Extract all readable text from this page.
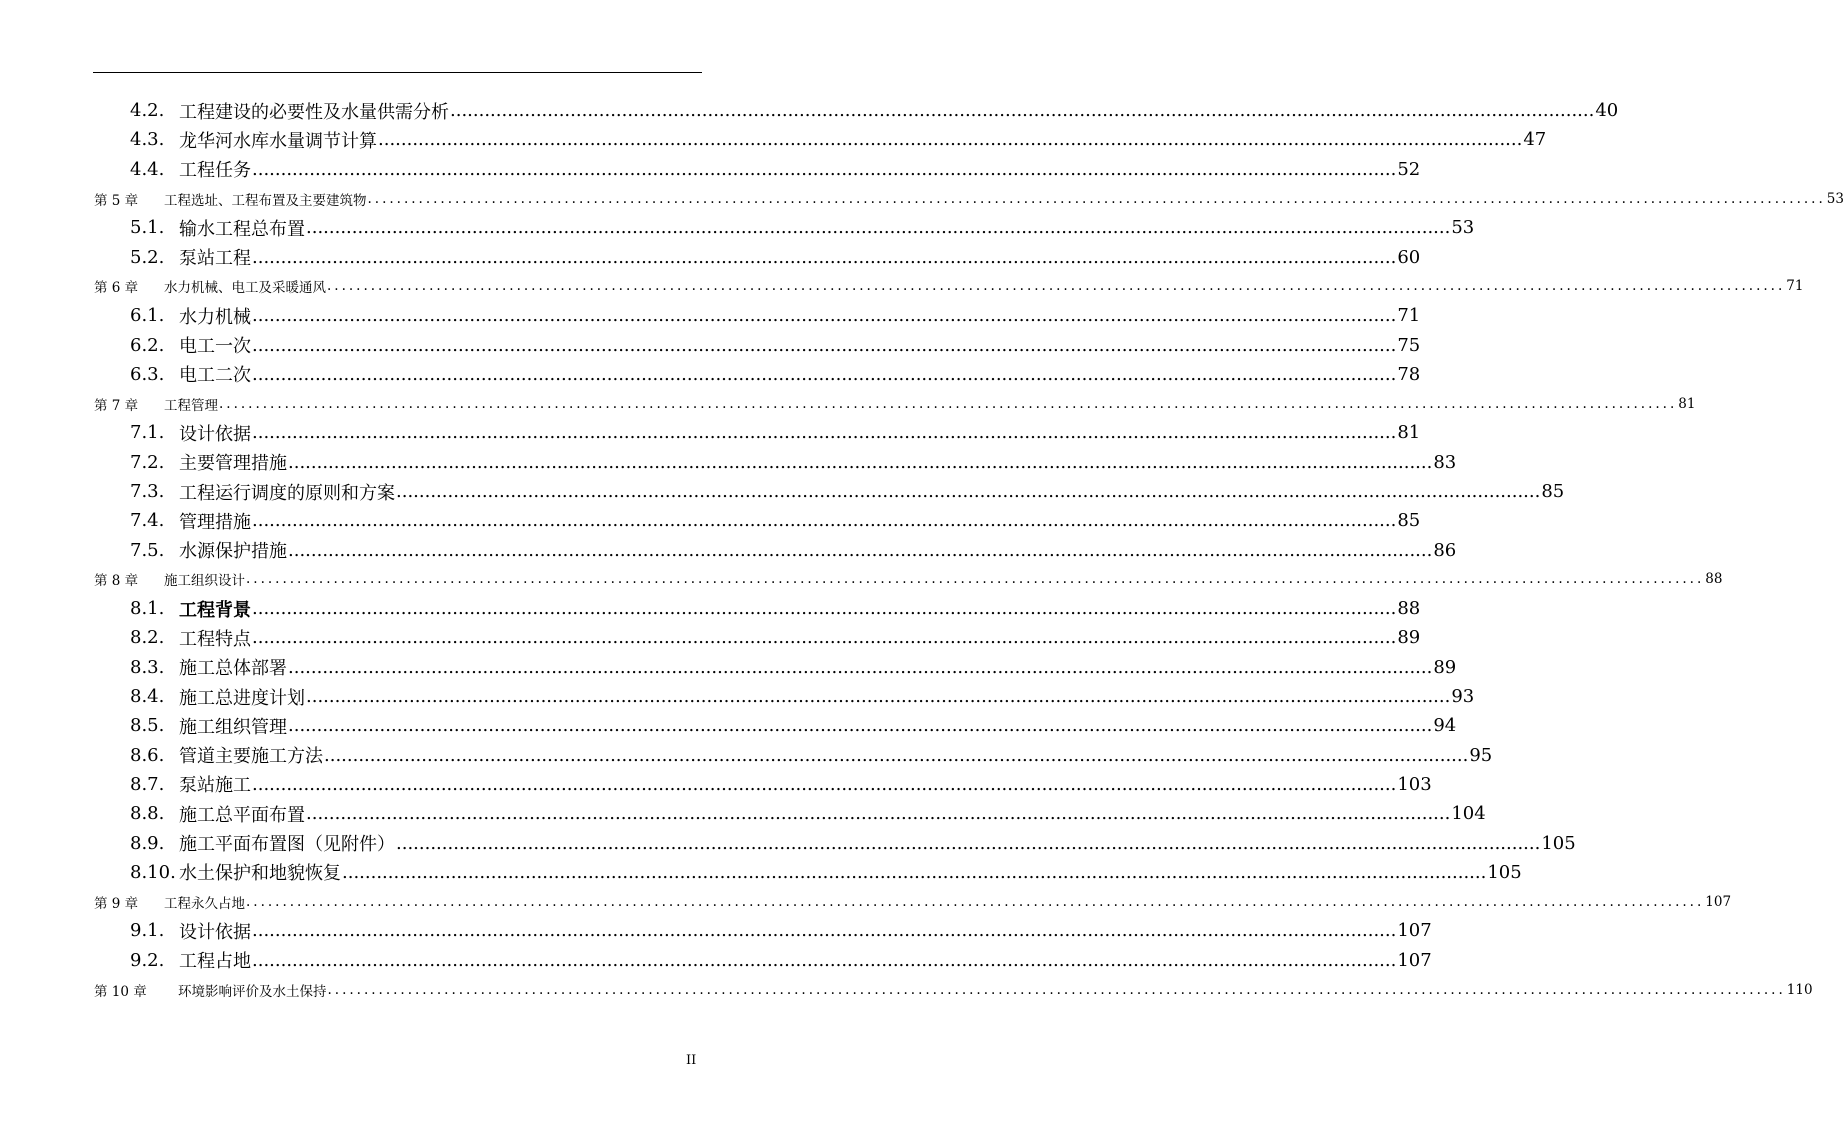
4.2. 工程建设的必要性及水量供需分析 ........................................................................................................................................................................................................ 40
4.3. 龙华河水库水量调节计算 ........................................................................................................................................................................................................ 47
4.4. 工程任务 ........................................................................................................................................................................................................ 52
第 5 章	工程选址、工程布置及主要建筑物 ........................................................................................................................................................................................................ 53
5.1. 输水工程总布置 ........................................................................................................................................................................................................ 53
5.2. 泵站工程 ........................................................................................................................................................................................................ 60
第 6 章	水力机械、电工及采暖通风 ........................................................................................................................................................................................................ 71
6.1. 水力机械 ........................................................................................................................................................................................................ 71
6.2. 电工一次 ........................................................................................................................................................................................................ 75
6.3. 电工二次 ........................................................................................................................................................................................................ 78
第 7 章	工程管理 ........................................................................................................................................................................................................ 81
7.1. 设计依据 ........................................................................................................................................................................................................ 81
7.2. 主要管理措施 ........................................................................................................................................................................................................ 83
7.3. 工程运行调度的原则和方案 ........................................................................................................................................................................................................ 85
7.4. 管理措施 ........................................................................................................................................................................................................ 85
7.5. 水源保护措施 ........................................................................................................................................................................................................ 86
第 8 章	施工组织设计 ........................................................................................................................................................................................................ 88
8.1. 工程背景 ........................................................................................................................................................................................................ 88
8.2. 工程特点 ........................................................................................................................................................................................................ 89
8.3. 施工总体部署 ........................................................................................................................................................................................................ 89
8.4. 施工总进度计划 ........................................................................................................................................................................................................ 93
8.5. 施工组织管理 ........................................................................................................................................................................................................ 94
8.6. 管道主要施工方法 ........................................................................................................................................................................................................ 95
8.7. 泵站施工 ........................................................................................................................................................................................................ 103
8.8. 施工总平面布置 ........................................................................................................................................................................................................ 104
8.9. 施工平面布置图（见附件） ........................................................................................................................................................................................................ 105
8.10. 水土保护和地貌恢复 ........................................................................................................................................................................................................ 105
第 9 章	工程永久占地 ........................................................................................................................................................................................................ 107
9.1. 设计依据 ........................................................................................................................................................................................................ 107
9.2. 工程占地 ........................................................................................................................................................................................................ 107
第 10 章	环境影响评价及水土保持 ........................................................................................................................................................................................................ 110
II
